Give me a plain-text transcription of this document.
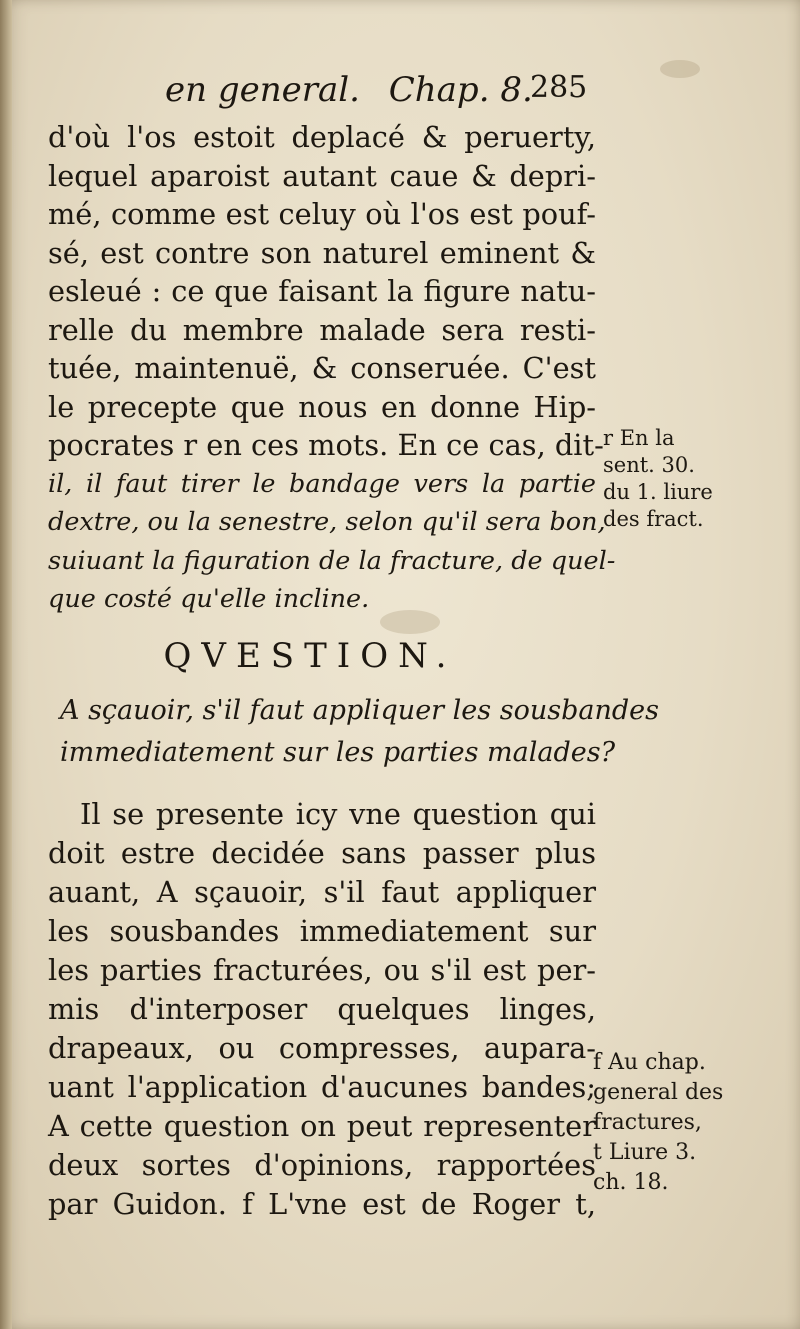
en general. Chap. 8.
285
d'où l'os estoit deplacé & peruerty,
lequel aparoist autant caue & depri-
mé, comme est celuy où l'os est pouf-
sé, est contre son naturel eminent &
esleué : ce que faisant la figure natu-
relle du membre malade sera resti-
tuée, maintenuë, & conseruée. C'est
le precepte que nous en donne Hip-
pocrates r en ces mots. En ce cas, dit-
il, il faut tirer le bandage vers la partie
dextre, ou la senestre, selon qu'il sera bon,
suiuant la figuration de la fracture, de quel-
que costé qu'elle incline.
r En la
sent. 30.
du 1. liure
des fract.
QVESTION.
A sçauoir, s'il faut appliquer les sousbandes
immediatement sur les parties malades?
Il se presente icy vne question qui
doit estre decidée sans passer plus
auant, A sçauoir, s'il faut appliquer
les sousbandes immediatement sur
les parties fracturées, ou s'il est per-
mis d'interposer quelques linges,
drapeaux, ou compresses, aupara-
uant l'application d'aucunes bandes;
A cette question on peut representer
deux sortes d'opinions, rapportées
par Guidon. f L'vne est de Roger t,
f Au chap.
general des
fractures,
t Liure 3.
ch. 18.
